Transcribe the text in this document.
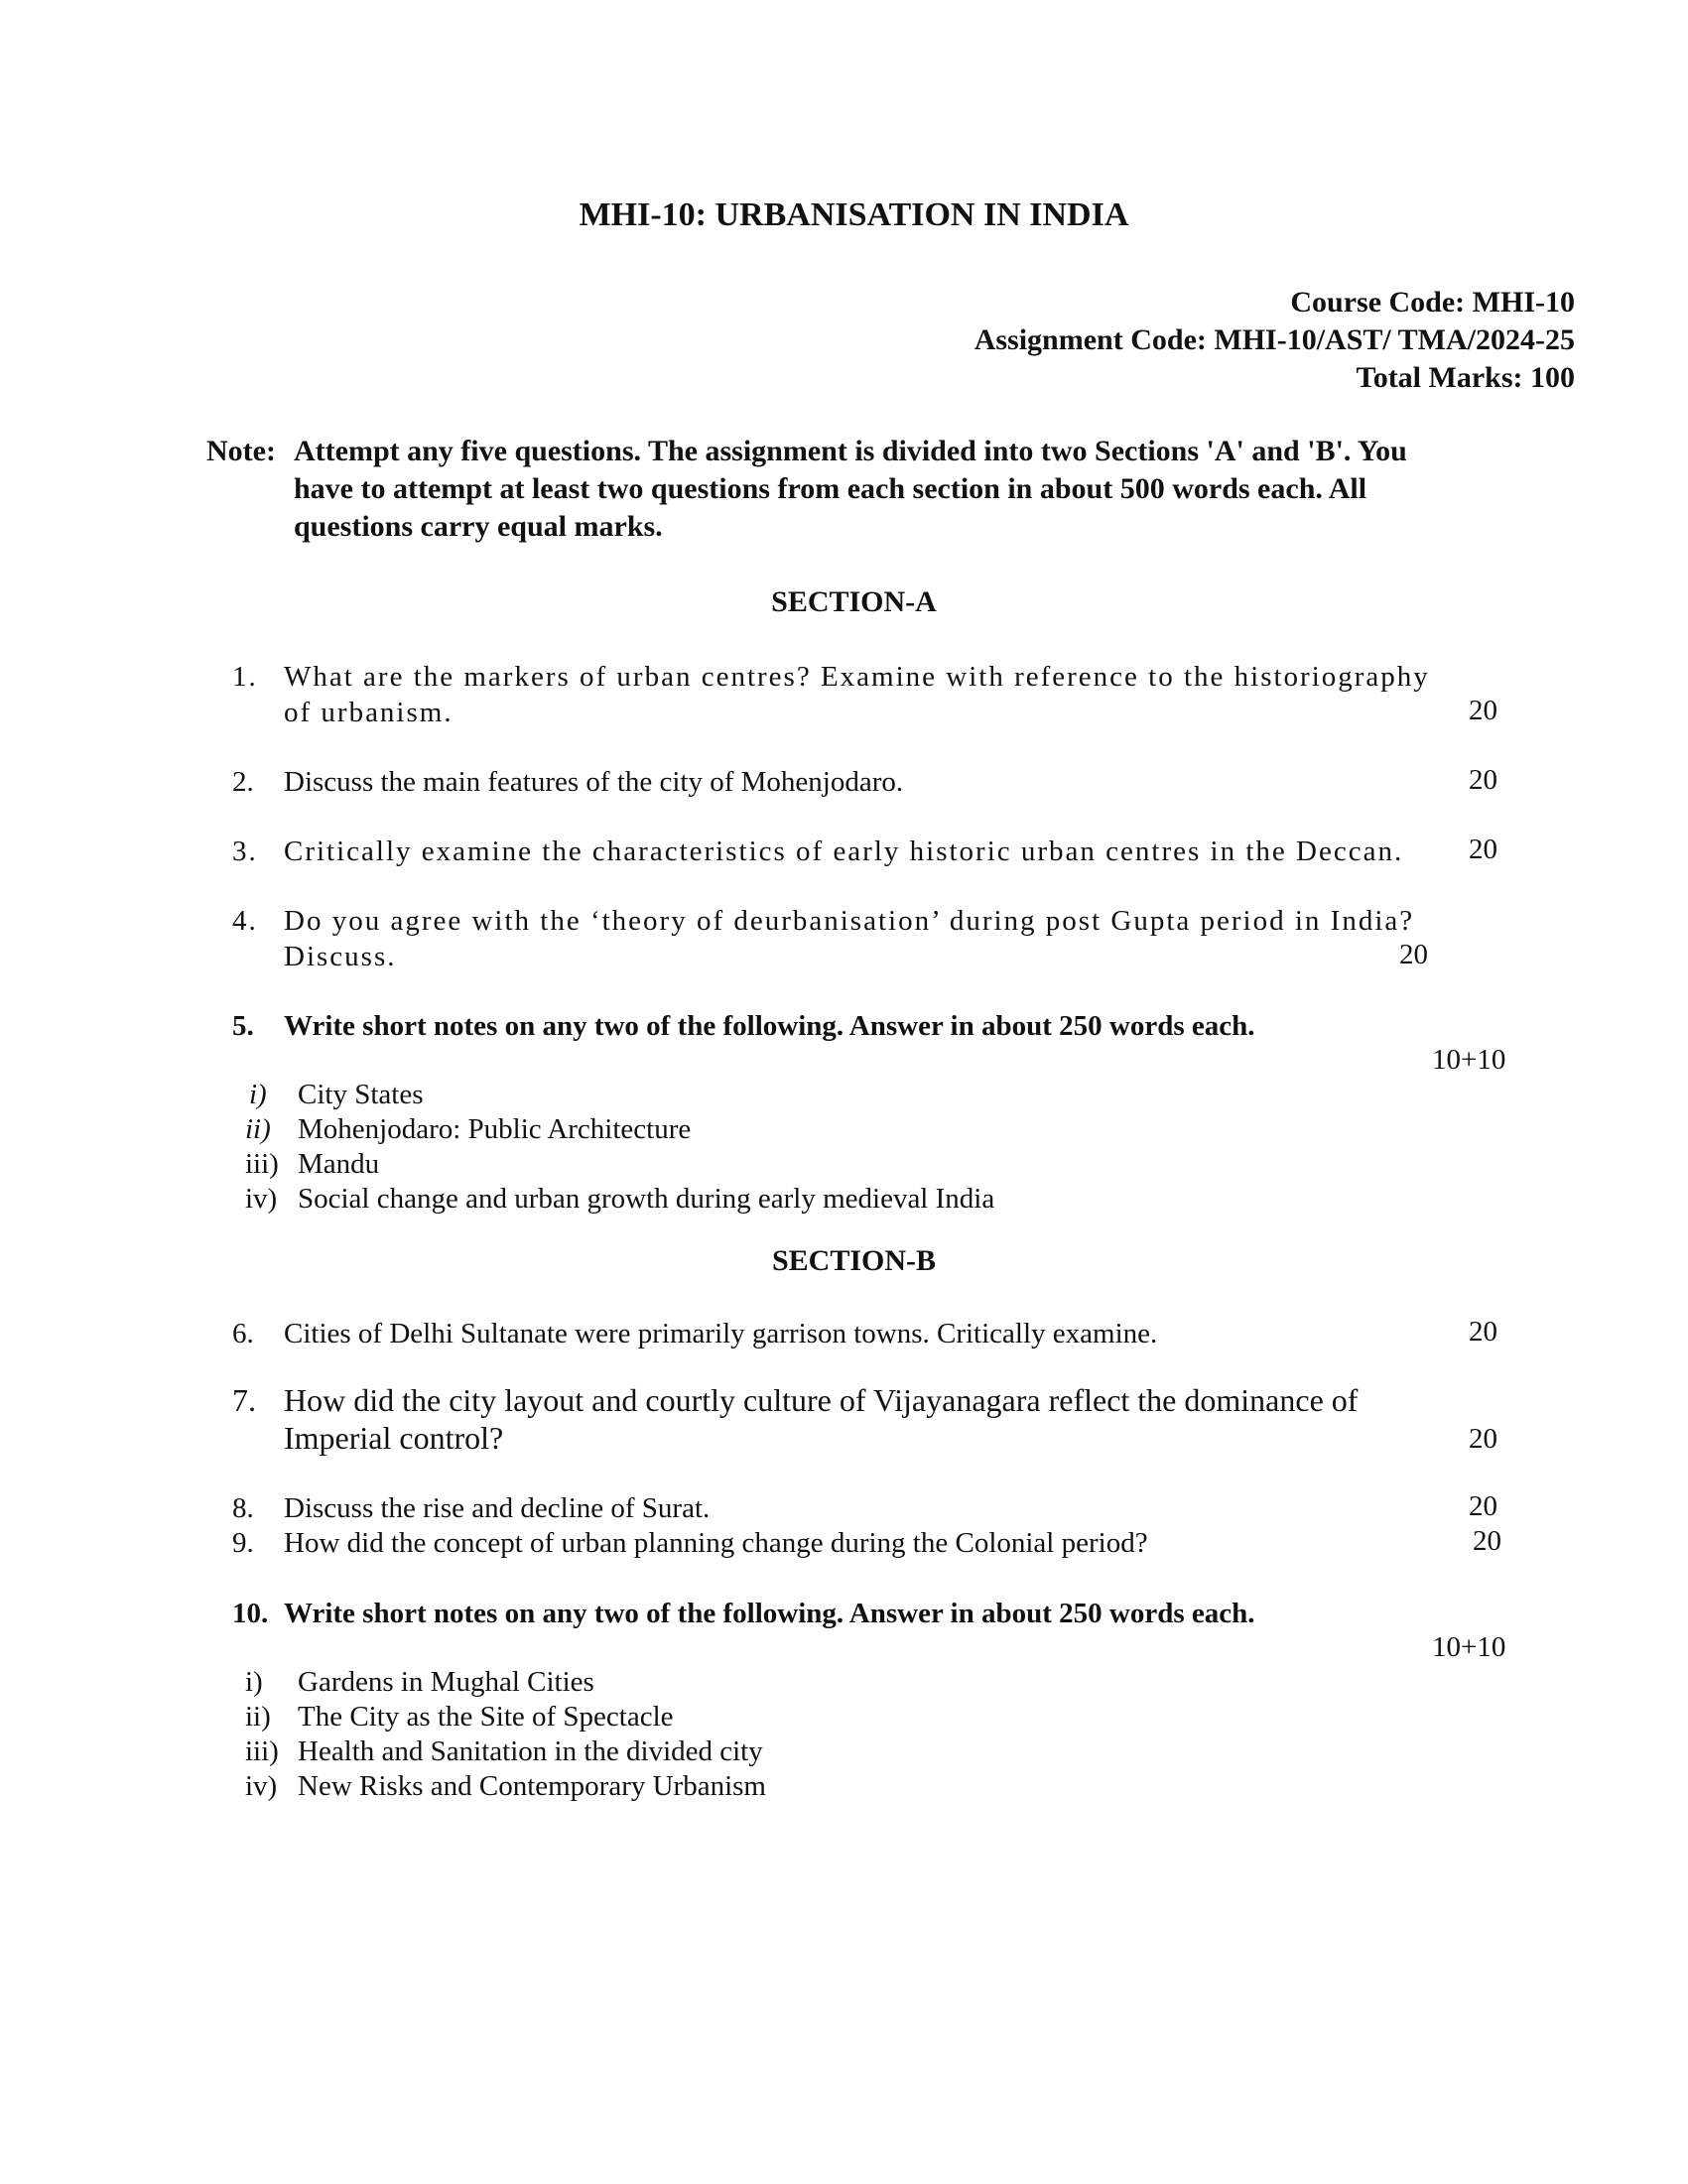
MHI-10: URBANISATION IN INDIA
Course Code: MHI-10
Assignment Code: MHI-10/AST/ TMA/2024-25
Total Marks: 100
Note: Attempt any five questions. The assignment is divided into two Sections 'A' and 'B'. You
have to attempt at least two questions from each section in about 500 words each. All
questions carry equal marks.
SECTION-A
1. What are the markers of urban centres? Examine with reference to the historiography
of urbanism.	20
2. Discuss the main features of the city of Mohenjodaro.	20
3. Critically examine the characteristics of early historic urban centres in the Deccan.	20
4. Do you agree with the ‘theory of deurbanisation’ during post Gupta period in India?
Discuss.	20
5. Write short notes on any two of the following. Answer in about 250 words each.
10+10
i) City States
ii) Mohenjodaro: Public Architecture
iii) Mandu
iv) Social change and urban growth during early medieval India
SECTION-B
6. Cities of Delhi Sultanate were primarily garrison towns. Critically examine.	20
7. How did the city layout and courtly culture of Vijayanagara reflect the dominance of
Imperial control?	20
8. Discuss the rise and decline of Surat.	20
9. How did the concept of urban planning change during the Colonial period?	20
10. Write short notes on any two of the following. Answer in about 250 words each.
10+10
i) Gardens in Mughal Cities
ii) The City as the Site of Spectacle
iii) Health and Sanitation in the divided city
iv) New Risks and Contemporary Urbanism
